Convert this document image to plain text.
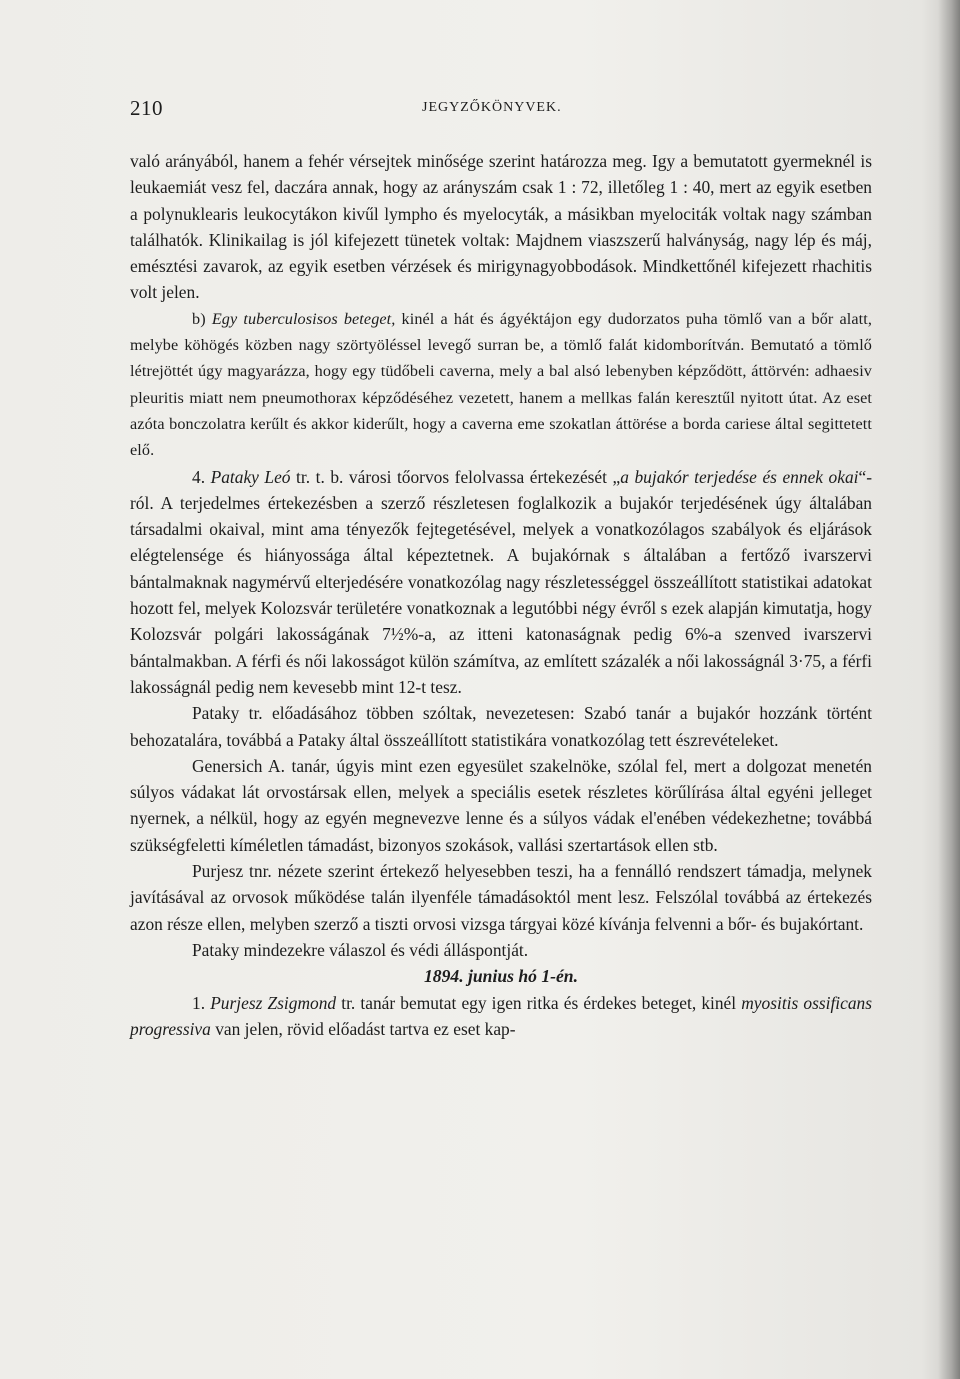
210	JEGYZŐKÖNYVEK.

való arányából, hanem a fehér vérsejtek minősége szerint határozza meg. Igy a bemutatott gyermeknél is leukaemiát vesz fel, daczára annak, hogy az arányszám csak 1 : 72, illetőleg 1 : 40, mert az egyik esetben a polynuklearis leukocytákon kivűl lympho és myelocyták, a másikban myelociták voltak nagy számban találhatók. Klinikailag is jól kifejezett tünetek voltak: Majdnem viaszszerű halványság, nagy lép és máj, emésztési zavarok, az egyik esetben vérzések és mirigynagyobbodások. Mindkettőnél kifejezett rhachitis volt jelen.

b) Egy tuberculosisos beteget, kinél a hát és ágyéktájon egy dudorzatos puha tömlő van a bőr alatt, melybe köhögés közben nagy szörtyöléssel levegő surran be, a tömlő falát kidomborítván. Bemutató a tömlő létrejöttét úgy magyarázza, hogy egy tüdőbeli caverna, mely a bal alsó lebenyben képződött, áttörvén: adhaesiv pleuritis miatt nem pneumothorax képződéséhez vezetett, hanem a mellkas falán keresztűl nyitott útat. Az eset azóta bonczolatra kerűlt és akkor kiderűlt, hogy a caverna eme szokatlan áttörése a borda cariese által segittetett elő.

4. Pataky Leó tr. t. b. városi tőorvos felolvassa értekezését „a bujakór terjedése és ennek okai“-ról. A terjedelmes értekezésben a szerző részletesen foglalkozik a bujakór terjedésének úgy általában társadalmi okaival, mint ama tényezők fejtegetésével, melyek a vonatkozólagos szabályok és eljárások elégtelensége és hiányossága által képeztetnek. A bujakórnak s általában a fertőző ivarszervi bántalmaknak nagymérvű elterjedésére vonatkozólag nagy részletességgel összeállított statistikai adatokat hozott fel, melyek Kolozsvár területére vonatkoznak a legutóbbi négy évről s ezek alapján kimutatja, hogy Kolozsvár polgári lakosságának 7½%-a, az itteni katonaságnak pedig 6%-a szenved ivarszervi bántalmakban. A férfi és női lakosságot külön számítva, az említett százalék a női lakosságnál 3·75, a férfi lakosságnál pedig nem kevesebb mint 12-t tesz.

Pataky tr. előadásához többen szóltak, nevezetesen: Szabó tanár a bujakór hozzánk történt behozatalára, továbbá a Pataky által összeállított statistikára vonatkozólag tett észrevételeket.

Genersich A. tanár, úgyis mint ezen egyesület szakelnöke, szólal fel, mert a dolgozat menetén súlyos vádakat lát orvostársak ellen, melyek a speciális esetek részletes körűlírása által egyéni jelleget nyernek, a nélkül, hogy az egyén megnevezve lenne és a súlyos vádak el'enében védekezhetne; továbbá szükségfeletti kíméletlen támadást, bizonyos szokások, vallási szertartások ellen stb.

Purjesz tnr. nézete szerint értekező helyesebben teszi, ha a fennálló rendszert támadja, melynek javításával az orvosok működése talán ilyenféle támadásoktól ment lesz. Felszólal továbbá az értekezés azon része ellen, melyben szerző a tiszti orvosi vizsga tárgyai közé kívánja felvenni a bőr- és bujakórtant.

Pataky mindezekre válaszol és védi álláspontját.

1894. junius hó 1-én.

1. Purjesz Zsigmond tr. tanár bemutat egy igen ritka és érdekes beteget, kinél myositis ossificans progressiva van jelen, rövid előadást tartva ez eset kap-
